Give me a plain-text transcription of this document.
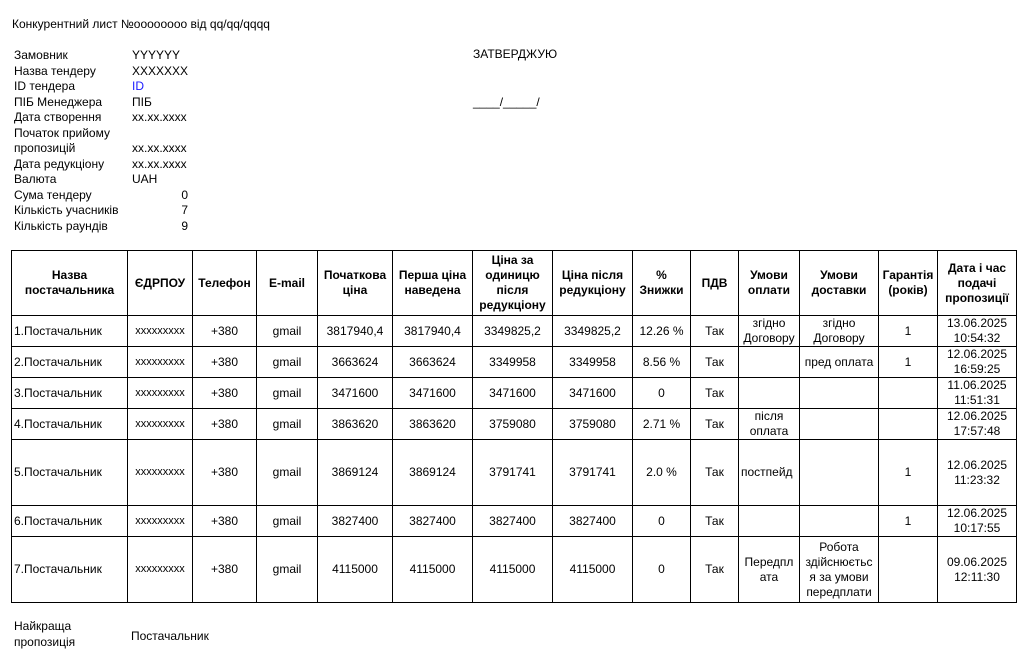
Конкурентний лист №oooooooo від qq/qq/qqqq
Замовник	YYYYYY
Назва тендеру	XXXXXXX
ID тендера	ID
ПІБ Менеджера ПІБ
Дата створення	xx.xx.xxxx
Початок прийому пропозицій	xx.xx.xxxx
Дата редукціону xx.xx.xxxx
Валюта	UAH
Сума тендеру	0
Кількість учасників	7
Кількість раундів	9
ЗАТВЕРДЖУЮ
____/_____/
Назва постачальника	ЄДРПОУ	Телефон	E-mail	Початкова ціна	Перша ціна наведена	Ціна за одиницю після редукціону	Ціна після редукціону	% Знижки	ПДВ	Умови оплати	Умови доставки	Гарантія (років)	Дата і час подачі пропозиції
1.Постачальник	xxxxxxxxx	+380	gmail	3817940,4	3817940,4	3349825,2	3349825,2	12.26 %	Так	згідно Договору	згідно Договору	1	13.06.2025 10:54:32
2.Постачальник	xxxxxxxxx	+380	gmail	3663624	3663624	3349958	3349958	8.56 %	Так		пред оплата	1	12.06.2025 16:59:25
3.Постачальник	xxxxxxxxx	+380	gmail	3471600	3471600	3471600	3471600	0	Так				11.06.2025 11:51:31
4.Постачальник	xxxxxxxxx	+380	gmail	3863620	3863620	3759080	3759080	2.71 %	Так	після оплата			12.06.2025 17:57:48
5.Постачальник	xxxxxxxxx	+380	gmail	3869124	3869124	3791741	3791741	2.0 %	Так	постпейд		1	12.06.2025 11:23:32
6.Постачальник	xxxxxxxxx	+380	gmail	3827400	3827400	3827400	3827400	0	Так			1	12.06.2025 10:17:55
7.Постачальник	xxxxxxxxx	+380	gmail	4115000	4115000	4115000	4115000	0	Так	Передпл ата	Робота здійснюєтьс я за умови передплати		09.06.2025 12:11:30
Найкраща пропозиція	Постачальник
